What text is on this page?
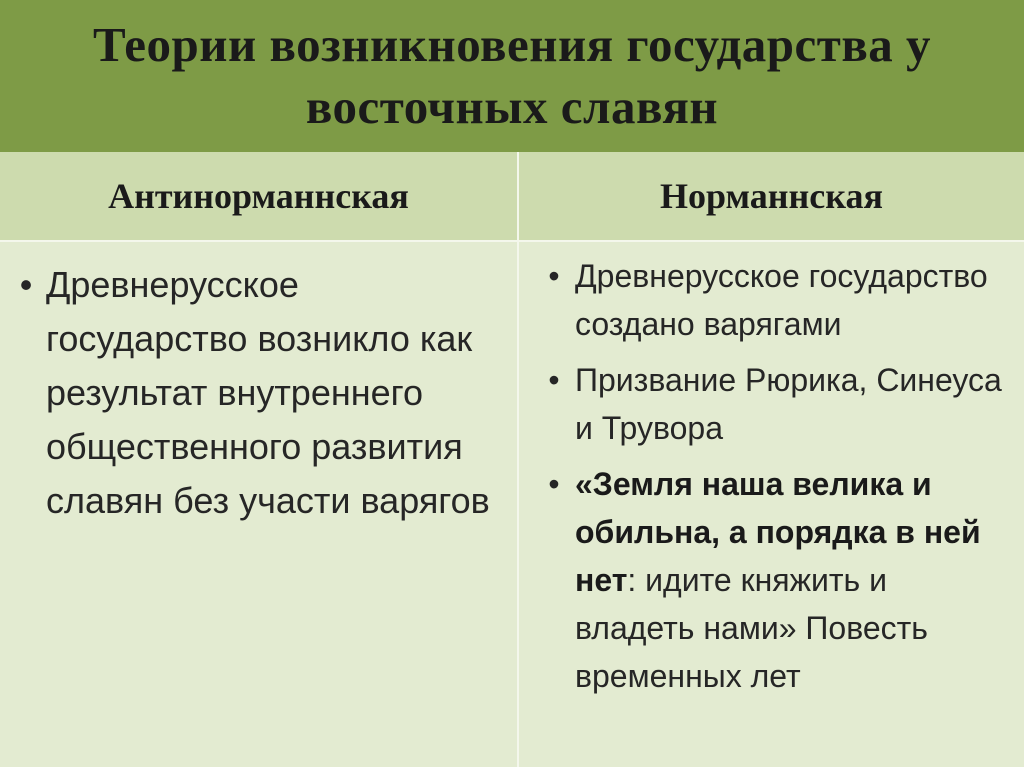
Теории возникновения государства у восточных славян
Антинорманнская
• Древнерусское государство возникло как результат внутреннего общественного развития славян без участи варягов
Норманнская
• Древнерусское государство создано варягами
• Призвание Рюрика, Синеуса и Трувора
• «Земля наша велика и обильна, а порядка в ней нет: идите княжить и владеть нами» Повесть временных лет
